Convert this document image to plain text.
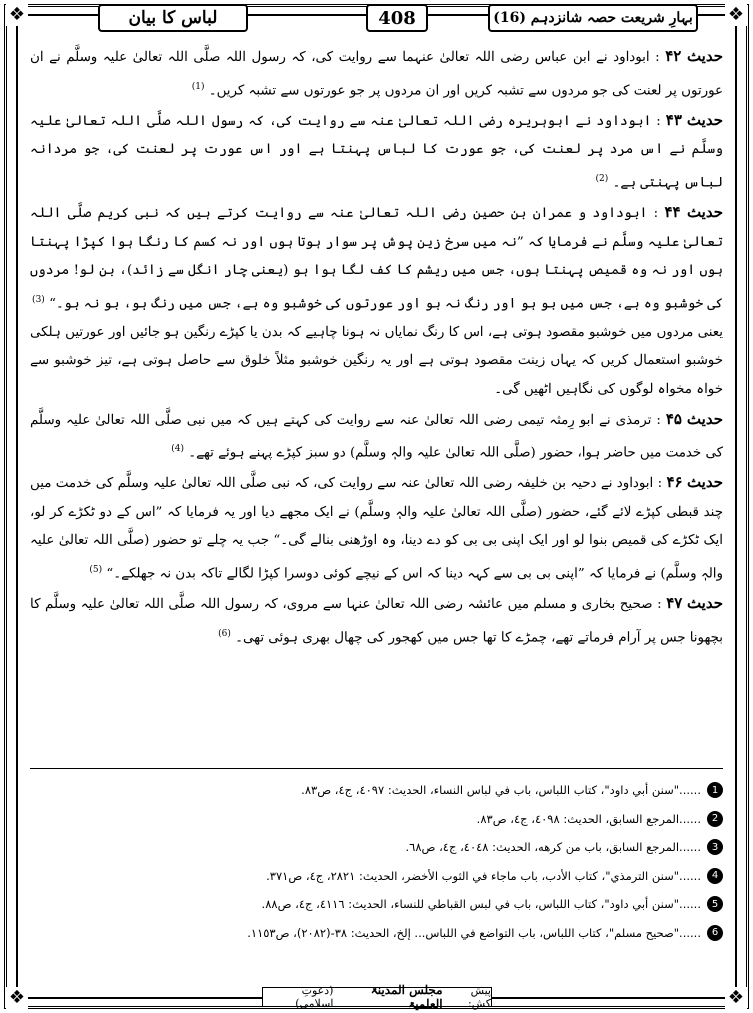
❖	❖
❖	❖
لباس کا بیان	408	بہارِ شریعت حصہ شانزدہم (16)

حدیث ۴۲ : ابوداود نے ابن عباس رضی اللہ تعالیٰ عنہما سے روایت کی، کہ رسول اللہ صلَّی اللہ تعالیٰ علیہ وسلَّم نے ان عورتوں پر لعنت کی جو مردوں سے تشبہ کریں اور ان مردوں پر جو عورتوں سے تشبہ کریں۔ $^{(1)}$

حدیث ۴۳ : ابوداود نے ابوہریرہ رضی اللہ تعالیٰ عنہ سے روایت کی، کہ رسول اللہ صلَّی اللہ تعالیٰ علیہ وسلَّم نے اس مرد پر لعنت کی، جو عورت کا لباس پہنتا ہے اور اس عورت پر لعنت کی، جو مردانہ لباس پہنتی ہے۔ $^{(2)}$

حدیث ۴۴ : ابوداود و عمران بن حصین رضی اللہ تعالیٰ عنہ سے روایت کرتے ہیں کہ نبی کریم صلَّی اللہ تعالیٰ علیہ وسلَّم نے فرمایا کہ ”نہ میں سرخ زین پوش پر سوار ہوتا ہوں اور نہ کسم کا رنگا ہوا کپڑا پہنتا ہوں اور نہ وہ قمیص پہنتا ہوں، جس میں ریشم کا کف لگا ہوا ہو (یعنی چار انگل سے زائد)، بن لو! مردوں کی خوشبو وہ ہے، جس میں بو ہو اور رنگ نہ ہو اور عورتوں کی خوشبو وہ ہے، جس میں رنگ ہو، بو نہ ہو۔“ $^{(3)}$

یعنی مردوں میں خوشبو مقصود ہوتی ہے، اس کا رنگ نمایاں نہ ہونا چاہیے کہ بدن یا کپڑے رنگین ہو جائیں اور عورتیں ہلکی خوشبو استعمال کریں کہ یہاں زینت مقصود ہوتی ہے اور یہ رنگین خوشبو مثلاً خلوق سے حاصل ہوتی ہے، تیز خوشبو سے خواہ مخواہ لوگوں کی نگاہیں اٹھیں گی۔

حدیث ۴۵ : ترمذی نے ابو رِمثہ تیمی رضی اللہ تعالیٰ عنہ سے روایت کی کہتے ہیں کہ میں نبی صلَّی اللہ تعالیٰ علیہ وسلَّم کی خدمت میں حاضر ہوا، حضور (صلَّی اللہ تعالیٰ علیہ والہٖ وسلَّم) دو سبز کپڑے پہنے ہوئے تھے۔ $^{(4)}$

حدیث ۴۶ : ابوداود نے دحیہ بن خلیفہ رضی اللہ تعالیٰ عنہ سے روایت کی، کہ نبی صلَّی اللہ تعالیٰ علیہ وسلَّم کی خدمت میں چند قبطی کپڑے لائے گئے، حضور (صلَّی اللہ تعالیٰ علیہ والہٖ وسلَّم) نے ایک مجھے دیا اور یہ فرمایا کہ ”اس کے دو ٹکڑے کر لو، ایک ٹکڑے کی قمیص بنوا لو اور ایک اپنی بی بی کو دے دینا، وہ اوڑھنی بنالے گی۔“ جب یہ چلے تو حضور (صلَّی اللہ تعالیٰ علیہ والہٖ وسلَّم) نے فرمایا کہ ”اپنی بی بی سے کہہ دینا کہ اس کے نیچے کوئی دوسرا کپڑا لگالے تاکہ بدن نہ جھلکے۔“ $^{(5)}$

حدیث ۴۷ : صحیح بخاری و مسلم میں عائشہ رضی اللہ تعالیٰ عنہا سے مروی، کہ رسول اللہ صلَّی اللہ تعالیٰ علیہ وسلَّم کا بچھونا جس پر آرام فرماتے تھے، چمڑے کا تھا جس میں کھجور کی چھال بھری ہوئی تھی۔ $^{(6)}$

1
......"سنن أبي داود"، كتاب اللباس، باب في لباس النساء، الحديث: ٤٠٩٧، ج٤، ص٨٣.
2
......المرجع السابق، الحديث: ٤٠٩٨، ج٤، ص٨٣.
3
......المرجع السابق، باب من كرهه، الحديث: ٤٠٤٨، ج٤، ص٦٨.
4
......"سنن الترمذي"، كتاب الأدب، باب ماجاء في الثوب الأخضر، الحديث: ٢٨٢١، ج٤، ص٣٧١.
5
......"سنن أبي داود"، كتاب اللباس، باب في لبس القباطي للنساء، الحديث: ٤١١٦، ج٤، ص٨٨.
6
......"صحيح مسلم"، كتاب اللباس، باب التواضع في اللباس... إلخ، الحديث: ٣٨-(٢٠٨٢)، ص١١٥٣.
پیش کش:

مجلس المدینۃ العلمیۃ

(دعوتِ اسلامی)
